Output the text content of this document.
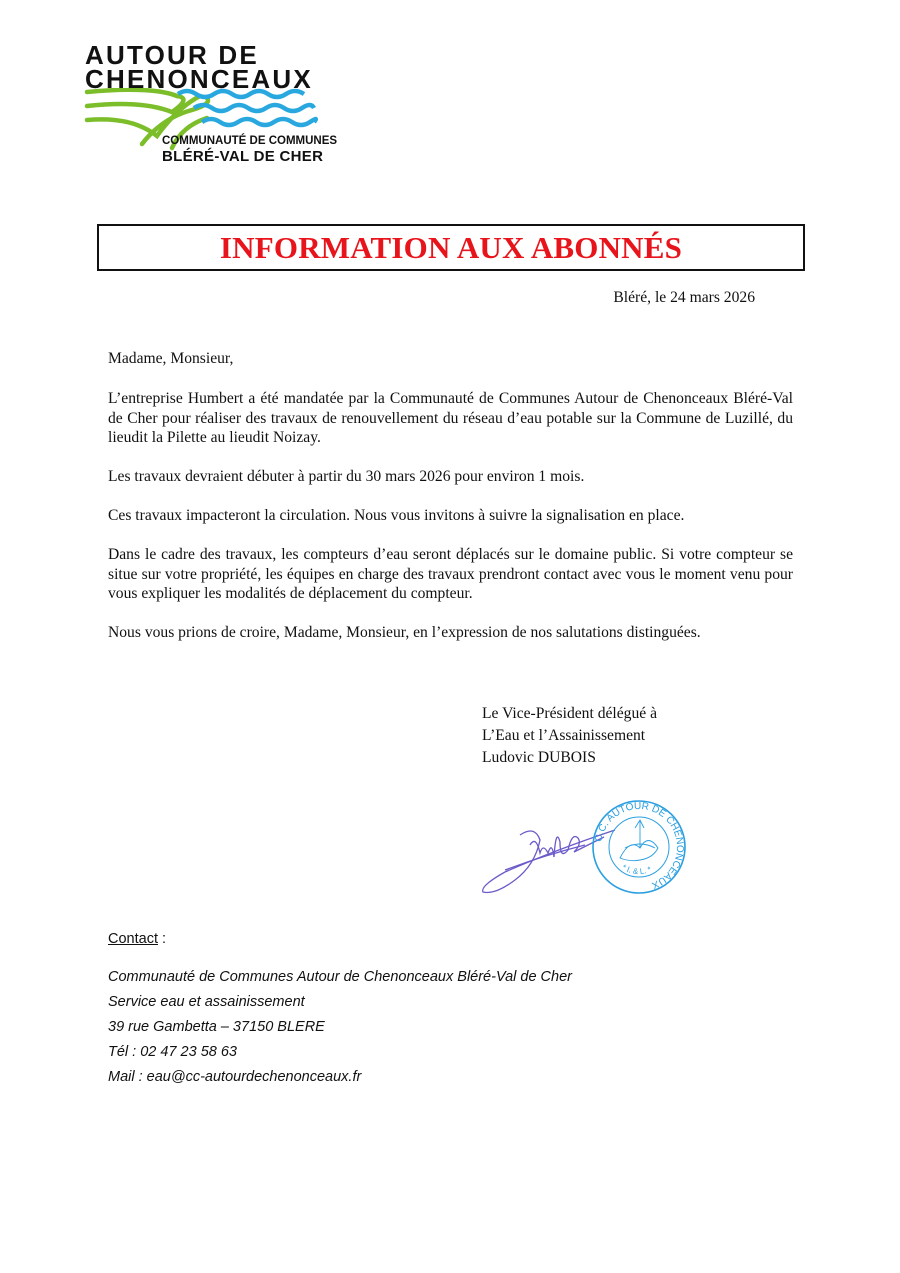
AUTOUR DE
CHENONCEAUX
COMMUNAUTÉ DE COMMUNES
BLÉRÉ-VAL DE CHER
INFORMATION AUX ABONNÉS
Bléré, le 24 mars 2026
Madame, Monsieur,
L’entreprise Humbert a été mandatée par la Communauté de Communes Autour de Chenonceaux Bléré-Val de Cher pour réaliser des travaux de renouvellement du réseau d’eau potable sur la Commune de Luzillé, du lieudit la Pilette au lieudit Noizay.
Les travaux devraient débuter à partir du 30 mars 2026 pour environ 1 mois.
Ces travaux impacteront la circulation. Nous vous invitons à suivre la signalisation en place.
Dans le cadre des travaux, les compteurs d’eau seront déplacés sur le domaine public. Si votre compteur se situe sur votre propriété, les équipes en charge des travaux prendront contact avec vous le moment venu pour vous expliquer les modalités de déplacement du compteur.
Nous vous prions de croire, Madame, Monsieur, en l’expression de nos salutations distinguées.
Le Vice-Président délégué à
L’Eau et l’Assainissement
Ludovic DUBOIS
C.C. AUTOUR DE CHENONCEAUX
* I. & L. *
Contact :
Communauté de Communes Autour de Chenonceaux Bléré-Val de Cher
Service eau et assainissement
39 rue Gambetta – 37150 BLERE
Tél : 02 47 23 58 63
Mail : eau@cc-autourdechenonceaux.fr
